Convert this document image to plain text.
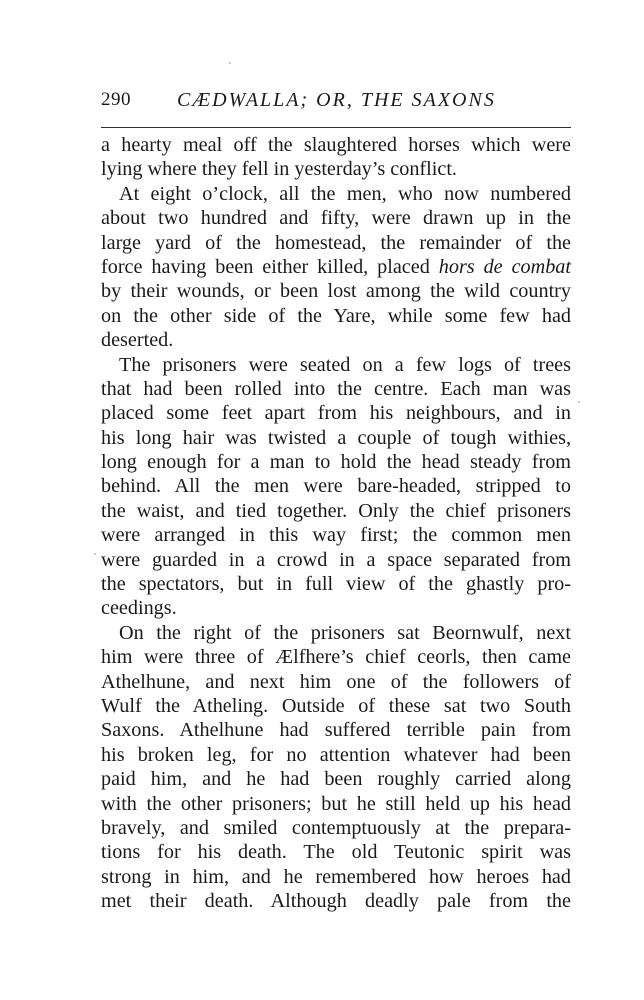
290 CÆDWALLA; OR, THE SAXONS
a hearty meal off the slaughtered horses which were
lying where they fell in yesterday’s conflict.
At eight o’clock, all the men, who now numbered
about two hundred and fifty, were drawn up in the
large yard of the homestead, the remainder of the
force having been either killed, placed hors de combat
by their wounds, or been lost among the wild country
on the other side of the Yare, while some few had
deserted.
The prisoners were seated on a few logs of trees
that had been rolled into the centre. Each man was
placed some feet apart from his neighbours, and in
his long hair was twisted a couple of tough withies,
long enough for a man to hold the head steady from
behind. All the men were bare-headed, stripped to
the waist, and tied together. Only the chief prisoners
were arranged in this way first; the common men
were guarded in a crowd in a space separated from
the spectators, but in full view of the ghastly pro-
ceedings.
On the right of the prisoners sat Beornwulf, next
him were three of Ælfhere’s chief ceorls, then came
Athelhune, and next him one of the followers of
Wulf the Atheling. Outside of these sat two South
Saxons. Athelhune had suffered terrible pain from
his broken leg, for no attention whatever had been
paid him, and he had been roughly carried along
with the other prisoners; but he still held up his head
bravely, and smiled contemptuously at the prepara-
tions for his death. The old Teutonic spirit was
strong in him, and he remembered how heroes had
met their death. Although deadly pale from the
